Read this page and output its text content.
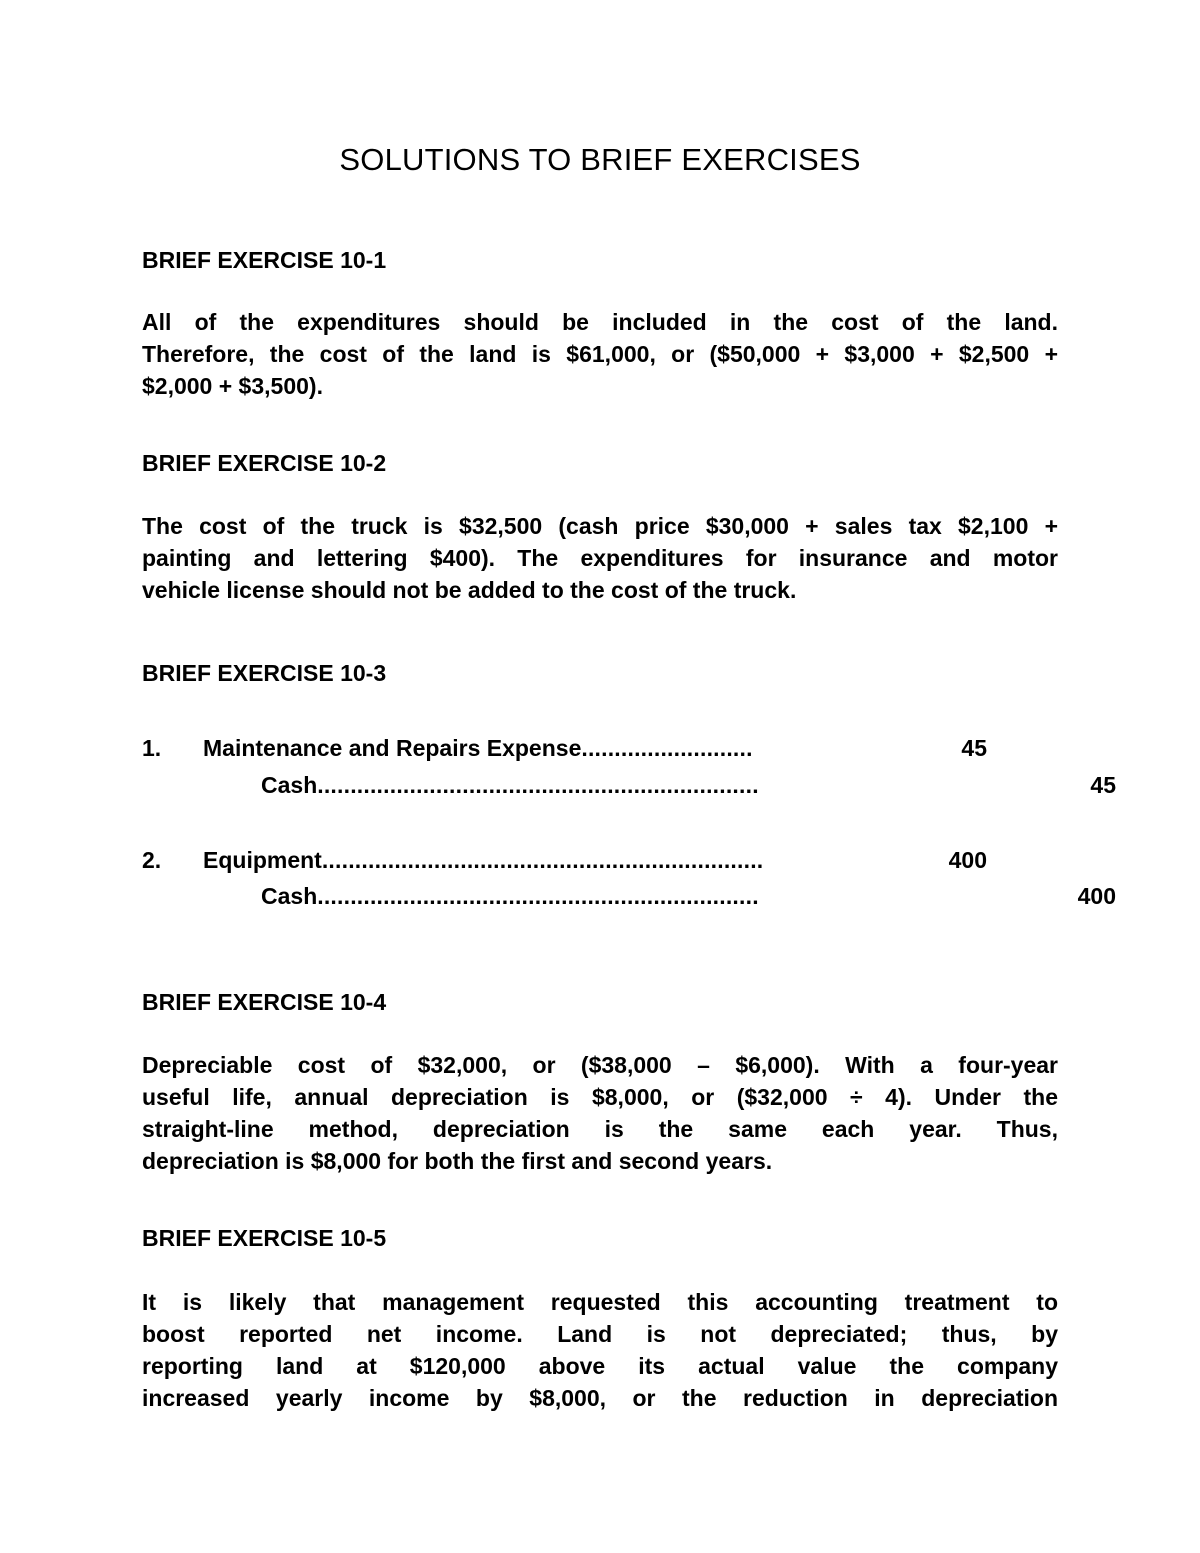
SOLUTIONS TO BRIEF EXERCISES
BRIEF EXERCISE 10-1
All of the expenditures should be included in the cost of the land.
Therefore, the cost of the land is $61,000, or ($50,000 + $3,000 + $2,500 +
$2,000 + $3,500).
BRIEF EXERCISE 10-2
The cost of the truck is $32,500 (cash price $30,000 + sales tax $2,100 +
painting and lettering $400). The expenditures for insurance and motor
vehicle license should not be added to the cost of the truck.
BRIEF EXERCISE 10-3
1. Maintenance and Repairs Expense..........................	45
Cash...................................................................	45
2. Equipment...................................................................	400
Cash...................................................................	400
BRIEF EXERCISE 10-4
Depreciable cost of $32,000, or ($38,000 – $6,000). With a four-year
useful life, annual depreciation is $8,000, or ($32,000 ÷ 4). Under the
straight-line method, depreciation is the same each year. Thus,
depreciation is $8,000 for both the first and second years.
BRIEF EXERCISE 10-5
It is likely that management requested this accounting treatment to
boost reported net income. Land is not depreciated; thus, by
reporting land at $120,000 above its actual value the company
increased yearly income by $8,000, or the reduction in depreciation
